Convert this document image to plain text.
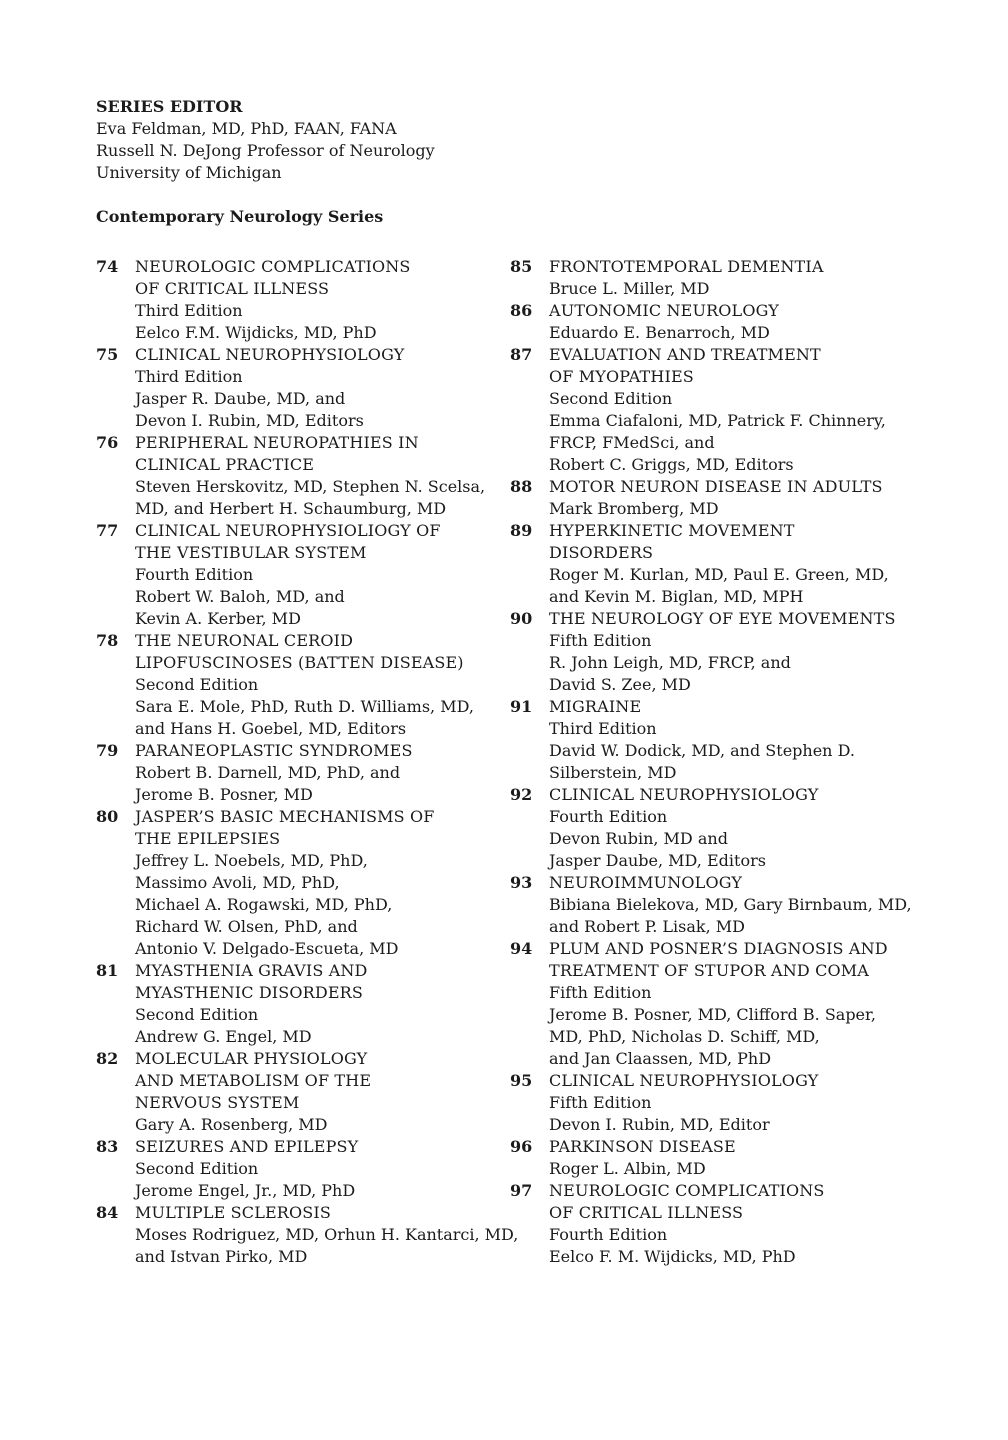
SERIES EDITOR
Eva Feldman, MD, PhD, FAAN, FANA
Russell N. DeJong Professor of Neurology
University of Michigan
Contemporary Neurology Series
74	NEUROLOGIC COMPLICATIONS
OF CRITICAL ILLNESS
Third Edition
Eelco F.M. Wijdicks, MD, PhD
75	CLINICAL NEUROPHYSIOLOGY
Third Edition
Jasper R. Daube, MD, and
Devon I. Rubin, MD, Editors
76	PERIPHERAL NEUROPATHIES IN
CLINICAL PRACTICE
Steven Herskovitz, MD, Stephen N. Scelsa,
MD, and Herbert H. Schaumburg, MD
77	CLINICAL NEUROPHYSIOLIOGY OF
THE VESTIBULAR SYSTEM
Fourth Edition
Robert W. Baloh, MD, and
Kevin A. Kerber, MD
78	THE NEURONAL CEROID
LIPOFUSCINOSES (BATTEN DISEASE)
Second Edition
Sara E. Mole, PhD, Ruth D. Williams, MD,
and Hans H. Goebel, MD, Editors
79	PARANEOPLASTIC SYNDROMES
Robert B. Darnell, MD, PhD, and
Jerome B. Posner, MD
80	JASPER’S BASIC MECHANISMS OF
THE EPILEPSIES
Jeffrey L. Noebels, MD, PhD,
Massimo Avoli, MD, PhD,
Michael A. Rogawski, MD, PhD,
Richard W. Olsen, PhD, and
Antonio V. Delgado-Escueta, MD
81	MYASTHENIA GRAVIS AND
MYASTHENIC DISORDERS
Second Edition
Andrew G. Engel, MD
82	MOLECULAR PHYSIOLOGY
AND METABOLISM OF THE
NERVOUS SYSTEM
Gary A. Rosenberg, MD
83	SEIZURES AND EPILEPSY
Second Edition
Jerome Engel, Jr., MD, PhD
84	MULTIPLE SCLEROSIS
Moses Rodriguez, MD, Orhun H. Kantarci, MD,
and Istvan Pirko, MD
85	FRONTOTEMPORAL DEMENTIA
Bruce L. Miller, MD
86	AUTONOMIC NEUROLOGY
Eduardo E. Benarroch, MD
87	EVALUATION AND TREATMENT
OF MYOPATHIES
Second Edition
Emma Ciafaloni, MD, Patrick F. Chinnery,
FRCP, FMedSci, and
Robert C. Griggs, MD, Editors
88	MOTOR NEURON DISEASE IN ADULTS
Mark Bromberg, MD
89	HYPERKINETIC MOVEMENT
DISORDERS
Roger M. Kurlan, MD, Paul E. Green, MD,
and Kevin M. Biglan, MD, MPH
90	THE NEUROLOGY OF EYE MOVEMENTS
Fifth Edition
R. John Leigh, MD, FRCP, and
David S. Zee, MD
91	MIGRAINE
Third Edition
David W. Dodick, MD, and Stephen D.
Silberstein, MD
92	CLINICAL NEUROPHYSIOLOGY
Fourth Edition
Devon Rubin, MD and
Jasper Daube, MD, Editors
93	NEUROIMMUNOLOGY
Bibiana Bielekova, MD, Gary Birnbaum, MD,
and Robert P. Lisak, MD
94	PLUM AND POSNER’S DIAGNOSIS AND
TREATMENT OF STUPOR AND COMA
Fifth Edition
Jerome B. Posner, MD, Clifford B. Saper,
MD, PhD, Nicholas D. Schiff, MD,
and Jan Claassen, MD, PhD
95	CLINICAL NEUROPHYSIOLOGY
Fifth Edition
Devon I. Rubin, MD, Editor
96	PARKINSON DISEASE
Roger L. Albin, MD
97	NEUROLOGIC COMPLICATIONS
OF CRITICAL ILLNESS
Fourth Edition
Eelco F. M. Wijdicks, MD, PhD
